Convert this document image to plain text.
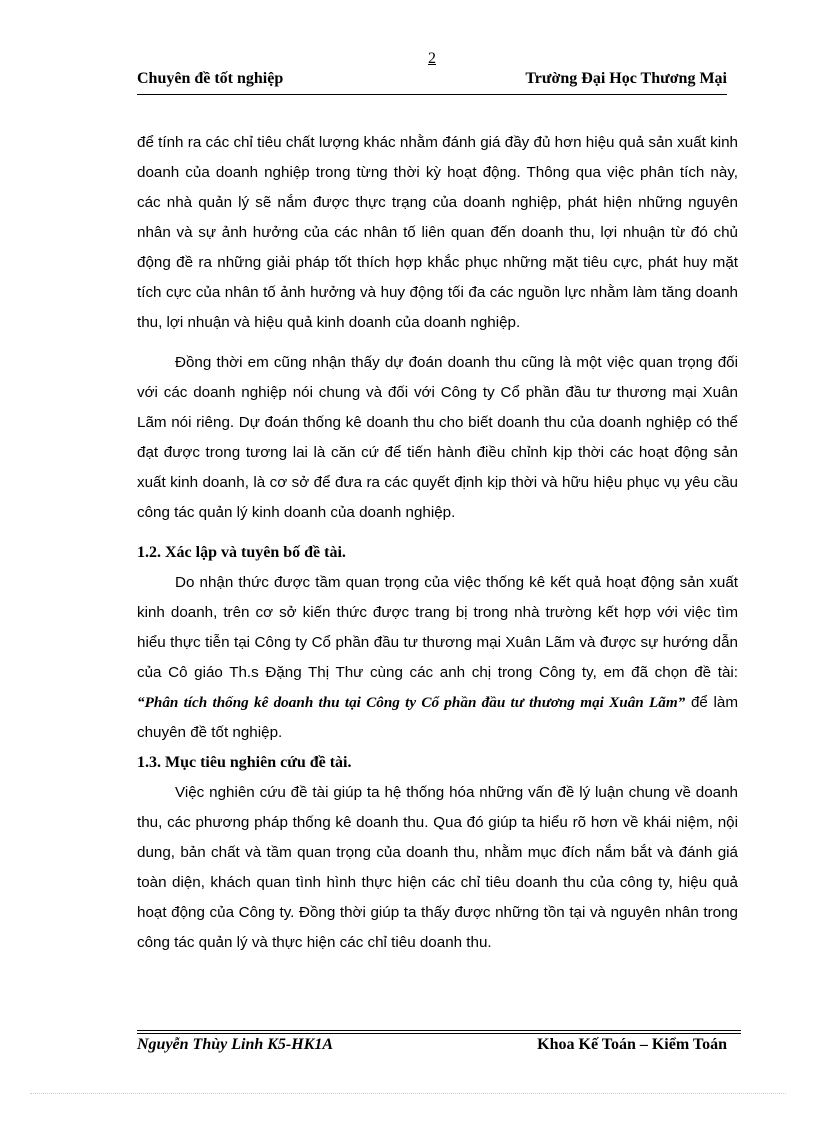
2
Chuyên đề tốt nghiệp	Trường Đại Học Thương Mại

để tính ra các chỉ tiêu chất lượng khác nhằm đánh giá đầy đủ hơn hiệu quả sản xuất kinh doanh của doanh nghiệp trong từng thời kỳ hoạt động. Thông qua việc phân tích này, các nhà quản lý sẽ nắm được thực trạng của doanh nghiệp, phát hiện những nguyên nhân và sự ảnh hưởng của các nhân tố liên quan đến doanh thu, lợi nhuận từ đó chủ động đề ra những giải pháp tốt thích hợp khắc phục những mặt tiêu cực, phát huy mặt tích cực của nhân tố ảnh hưởng và huy động tối đa các nguồn lực nhằm làm tăng doanh thu, lợi nhuận và hiệu quả kinh doanh của doanh nghiệp.

Đồng thời em cũng nhận thấy dự đoán doanh thu cũng là một việc quan trọng đối với các doanh nghiệp nói chung và đối với Công ty Cổ phần đầu tư thương mại Xuân Lãm nói riêng. Dự đoán thống kê doanh thu cho biết doanh thu của doanh nghiệp có thể đạt được trong tương lai là căn cứ để tiến hành điều chỉnh kịp thời các hoạt động sản xuất kinh doanh, là cơ sở để đưa ra các quyết định kịp thời và hữu hiệu phục vụ yêu cầu công tác quản lý kinh doanh của doanh nghiệp.

1.2. Xác lập và tuyên bố đề tài.

Do nhận thức được tầm quan trọng của việc thống kê kết quả hoạt động sản xuất kinh doanh, trên cơ sở kiến thức được trang bị trong nhà trường kết hợp với việc tìm hiểu thực tiễn tại Công ty Cổ phần đầu tư thương mại Xuân Lãm và được sự hướng dẫn của Cô giáo Th.s Đặng Thị Thư cùng các anh chị trong Công ty, em đã chọn đề tài: “Phân tích thống kê doanh thu tại Công ty Cổ phần đầu tư thương mại Xuân Lãm” để làm chuyên đề tốt nghiệp.

1.3. Mục tiêu nghiên cứu đề tài.

Việc nghiên cứu đề tài giúp ta hệ thống hóa những vấn đề lý luận chung về doanh thu, các phương pháp thống kê doanh thu. Qua đó giúp ta hiểu rõ hơn về khái niệm, nội dung, bản chất và tầm quan trọng của doanh thu, nhằm mục đích nắm bắt và đánh giá toàn diện, khách quan tình hình thực hiện các chỉ tiêu doanh thu của công ty, hiệu quả hoạt động của Công ty. Đồng thời giúp ta thấy được những tồn tại và nguyên nhân trong công tác quản lý và thực hiện các chỉ tiêu doanh thu.

Nguyễn Thùy Linh K5-HK1A	Khoa Kế Toán – Kiểm Toán
